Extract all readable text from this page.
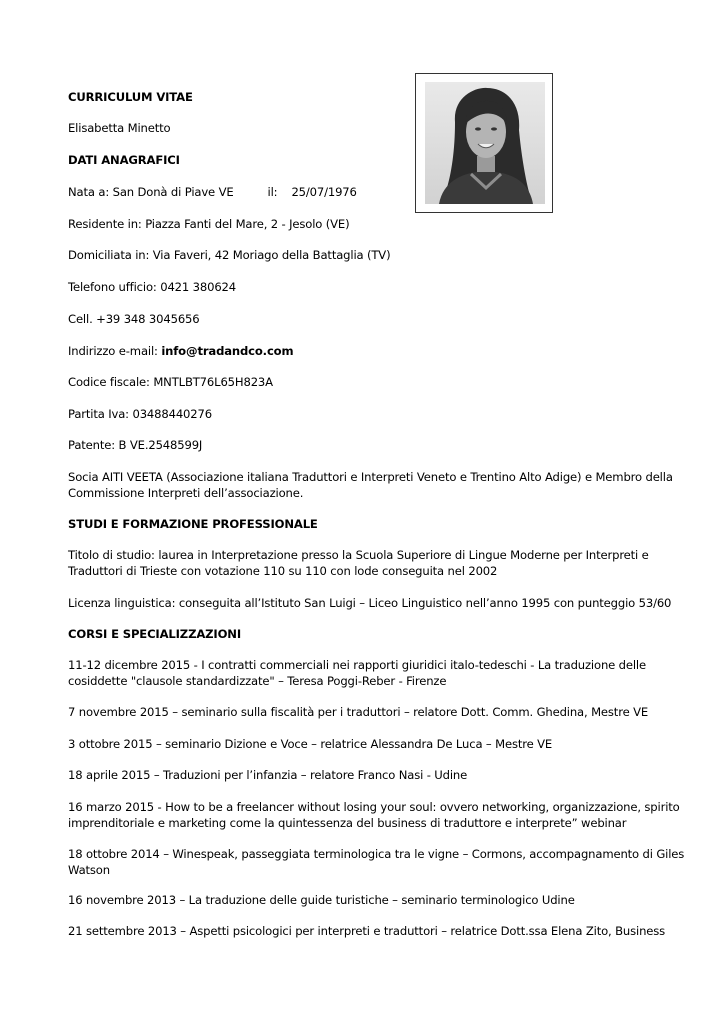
CURRICULUM VITAE
Elisabetta Minetto
DATI ANAGRAFICI
Nata a: San Donà di Piave VE	il: 25/07/1976
Residente in: Piazza Fanti del Mare, 2 - Jesolo (VE)
Domiciliata in: Via Faveri, 42 Moriago della Battaglia (TV)
Telefono ufficio: 0421 380624
Cell. +39 348 3045656
Indirizzo e-mail: info@tradandco.com
Codice fiscale: MNTLBT76L65H823A
Partita Iva: 03488440276
Patente: B VE.2548599J
Socia AITI VEETA (Associazione italiana Traduttori e Interpreti Veneto e Trentino Alto Adige) e Membro della
Commissione Interpreti dell’associazione.
STUDI E FORMAZIONE PROFESSIONALE
Titolo di studio: laurea in Interpretazione presso la Scuola Superiore di Lingue Moderne per Interpreti e
Traduttori di Trieste con votazione 110 su 110 con lode conseguita nel 2002
Licenza linguistica: conseguita all’Istituto San Luigi – Liceo Linguistico nell’anno 1995 con punteggio 53/60
CORSI E SPECIALIZZAZIONI
11-12 dicembre 2015 - I contratti commerciali nei rapporti giuridici italo-tedeschi - La traduzione delle
cosiddette "clausole standardizzate" – Teresa Poggi-Reber - Firenze
7 novembre 2015 – seminario sulla fiscalità per i traduttori – relatore Dott. Comm. Ghedina, Mestre VE
3 ottobre 2015 – seminario Dizione e Voce – relatrice Alessandra De Luca – Mestre VE
18 aprile 2015 – Traduzioni per l’infanzia – relatore Franco Nasi - Udine
16 marzo 2015 - How to be a freelancer without losing your soul: ovvero networking, organizzazione, spirito
imprenditoriale e marketing come la quintessenza del business di traduttore e interprete” webinar
18 ottobre 2014 – Winespeak, passeggiata terminologica tra le vigne – Cormons, accompagnamento di Giles
Watson
16 novembre 2013 – La traduzione delle guide turistiche – seminario terminologico Udine
21 settembre 2013 – Aspetti psicologici per interpreti e traduttori – relatrice Dott.ssa Elena Zito, Business
